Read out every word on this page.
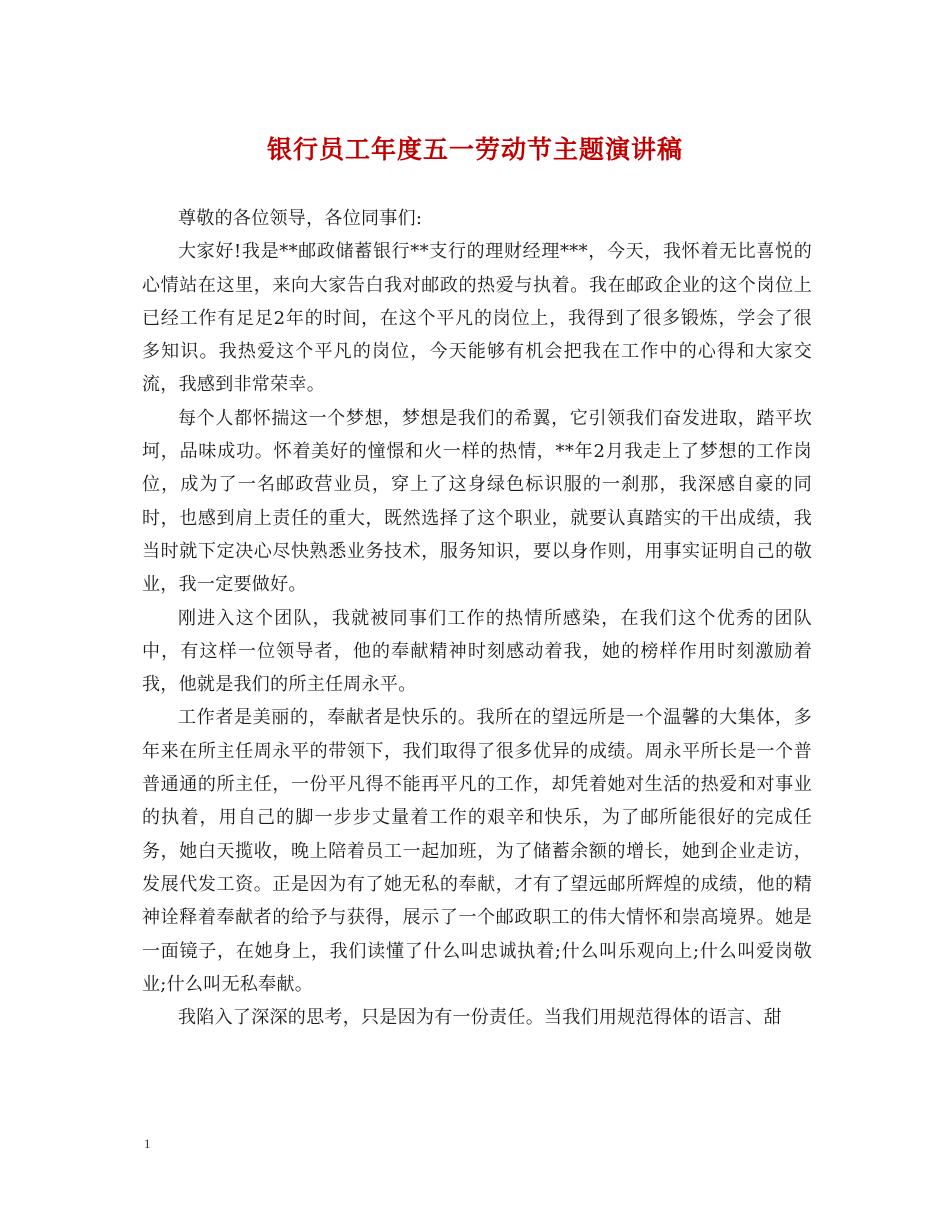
银行员工年度五一劳动节主题演讲稿

尊敬的各位领导，各位同事们:

大家好!我是**邮政储蓄银行**支行的理财经理***，今天，我怀着无比喜悦的心情站在这里，来向大家告白我对邮政的热爱与执着。我在邮政企业的这个岗位上已经工作有足足2年的时间，在这个平凡的岗位上，我得到了很多锻炼，学会了很多知识。我热爱这个平凡的岗位，今天能够有机会把我在工作中的心得和大家交流，我感到非常荣幸。

每个人都怀揣这一个梦想，梦想是我们的希翼，它引领我们奋发进取，踏平坎坷，品味成功。怀着美好的憧憬和火一样的热情，**年2月我走上了梦想的工作岗位，成为了一名邮政营业员，穿上了这身绿色标识服的一刹那，我深感自豪的同时，也感到肩上责任的重大，既然选择了这个职业，就要认真踏实的干出成绩，我当时就下定决心尽快熟悉业务技术，服务知识，要以身作则，用事实证明自己的敬业，我一定要做好。

刚进入这个团队，我就被同事们工作的热情所感染，在我们这个优秀的团队中，有这样一位领导者，他的奉献精神时刻感动着我，她的榜样作用时刻激励着我，他就是我们的所主任周永平。

工作者是美丽的，奉献者是快乐的。我所在的望远所是一个温馨的大集体，多年来在所主任周永平的带领下，我们取得了很多优异的成绩。周永平所长是一个普普通通的所主任，一份平凡得不能再平凡的工作，却凭着她对生活的热爱和对事业的执着，用自己的脚一步步丈量着工作的艰辛和快乐，为了邮所能很好的完成任务，她白天揽收，晚上陪着员工一起加班，为了储蓄余额的增长，她到企业走访，发展代发工资。正是因为有了她无私的奉献，才有了望远邮所辉煌的成绩，他的精神诠释着奉献者的给予与获得，展示了一个邮政职工的伟大情怀和崇高境界。她是一面镜子，在她身上，我们读懂了什么叫忠诚执着;什么叫乐观向上;什么叫爱岗敬业;什么叫无私奉献。

我陷入了深深的思考，只是因为有一份责任。当我们用规范得体的语言、甜

1
